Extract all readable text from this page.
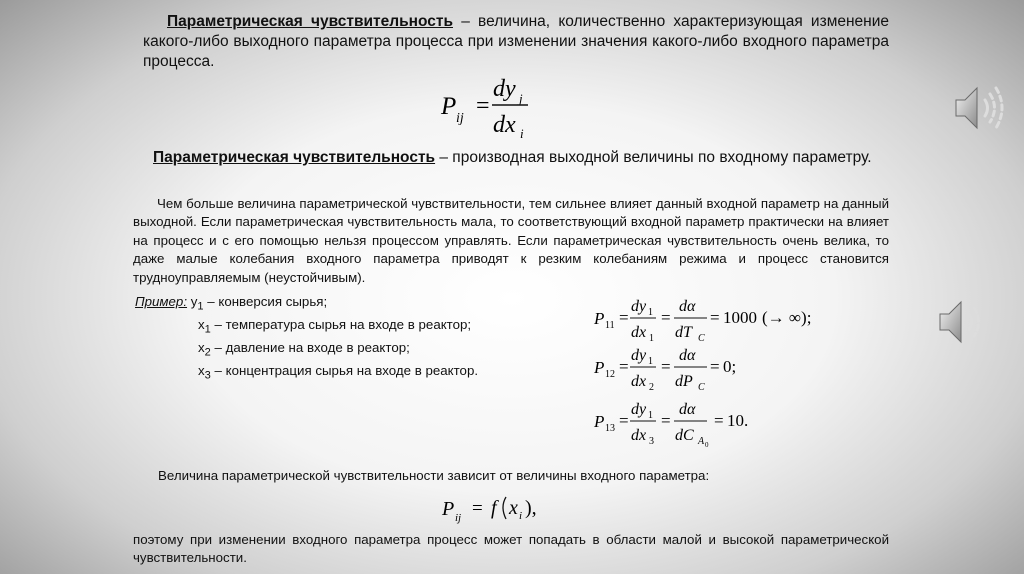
Параметрическая чувствительность – величина, количественно характеризующая изменение какого-либо выходного параметра процесса при изменении значения какого-либо входного параметра процесса.

P ij =
dy j
dx i

Параметрическая чувствительность – производная выходной величины по входному параметру.

Чем больше величина параметрической чувствительности, тем сильнее влияет данный входной параметр на данный выходной. Если параметрическая чувствительность мала, то соответствующий входной параметр практически на влияет на процесс и с его помощью нельзя процессом управлять. Если параметрическая чувствительность очень велика, то даже малые колебания входного параметра приводят к резким колебаниям режима и процесс становится трудноуправляемым (неустойчивым).

Пример: $y_1$ – конверсия сырья;
$x_1$ – температура сырья на входе в реактор;
$x_2$ – давление на входе в реактор;
$x_3$ – концентрация сырья на входе в реактор.
P 11 =
dy 1
dx 1
=
dα
dT C
= 1000 (→ ∞);
P 12 =
dy 1
dx 2
=
dα
dP C
= 0;
P 13 =
dy 1
dx 3
=
dα
dC A 0
= 10.
Величина параметрической чувствительности зависит от величины входного параметра:
P ij = f x i ),

поэтому при изменении входного параметра процесс может попадать в области малой и высокой параметрической чувствительности.
